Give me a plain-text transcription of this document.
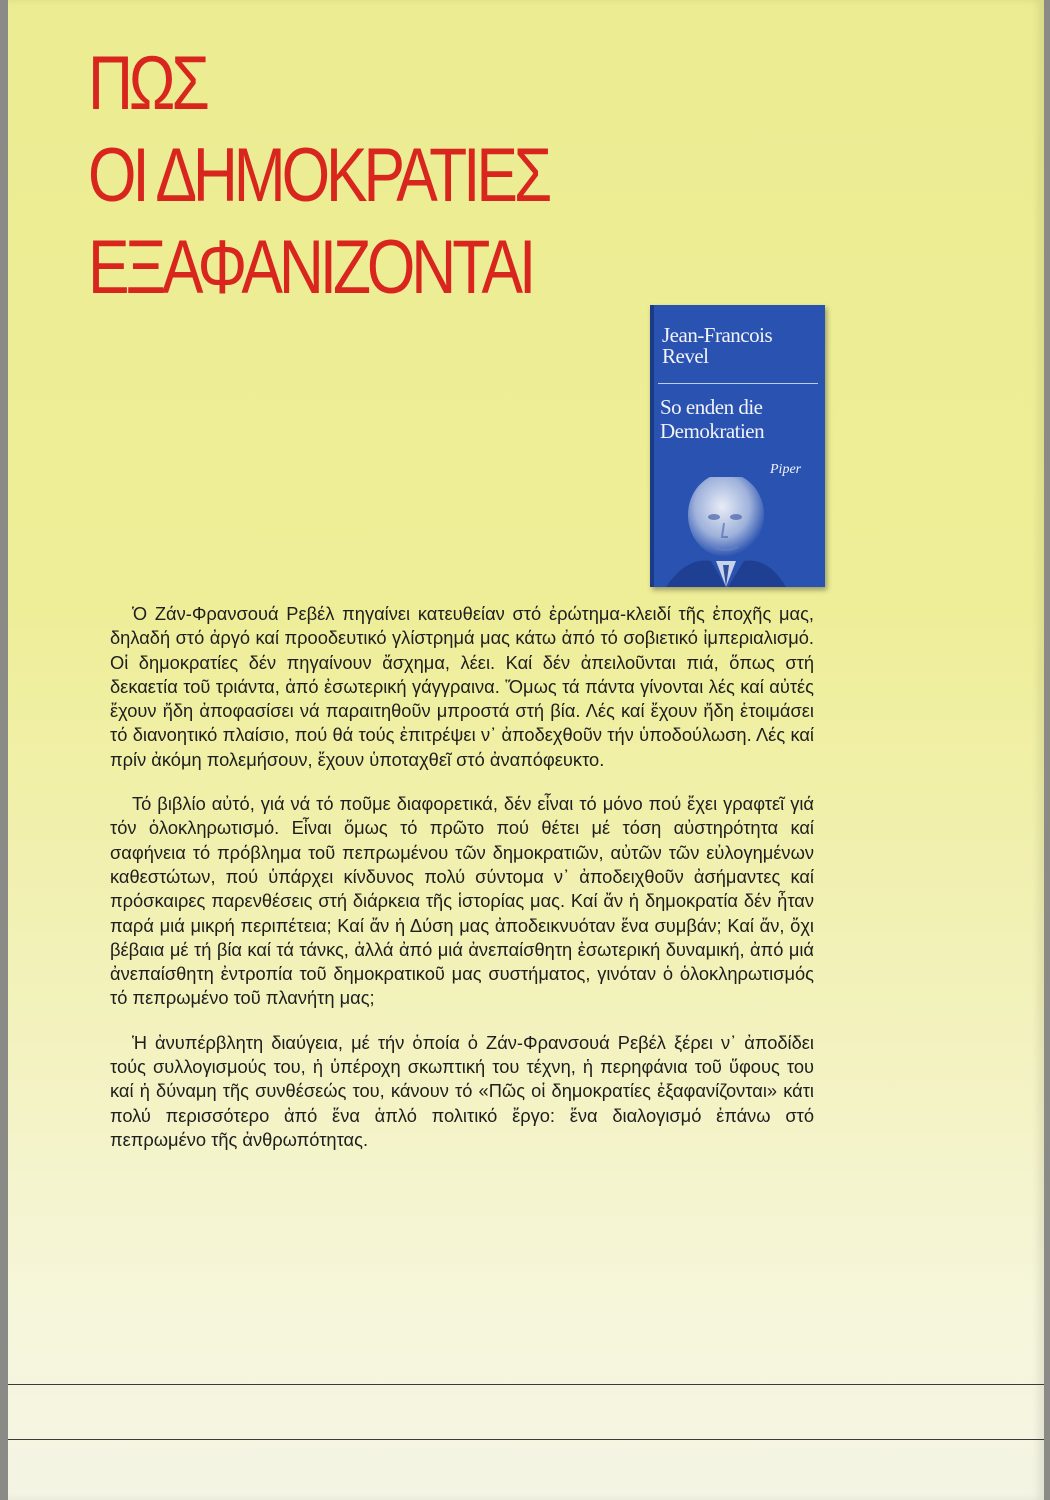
ΠΩΣ
ΟΙ ΔΗΜΟΚΡΑΤΙΕΣ
ΕΞΑΦΑΝΙΖΟΝΤΑΙ
Jean-Francois Revel
So enden die Demokratien
Piper

Ὁ Ζάν-Φρανσουά Ρεβέλ πηγαίνει κατευθείαν στό ἐρώτημα-κλειδί τῆς ἐποχῆς μας, δηλαδή στό ἀργό καί προοδευτικό γλίστρημά μας κάτω ἀπό τό σοβιετικό ἰμπεριαλισμό. Οἱ δημοκρατίες δέν πηγαίνουν ἄσχημα, λέει. Καί δέν ἀπειλοῦνται πιά, ὅπως στή δεκαετία τοῦ τριάντα, ἀπό ἐσωτερική γάγγραινα. Ὅμως τά πάντα γίνονται λές καί αὐτές ἔχουν ἤδη ἀποφασίσει νά παραιτηθοῦν μπροστά στή βία. Λές καί ἔχουν ἤδη ἑτοιμάσει τό διανοητικό πλαίσιο, πού θά τούς ἐπιτρέψει ν᾽ ἀποδεχθοῦν τήν ὑποδούλωση. Λές καί πρίν ἀκόμη πολεμήσουν, ἔχουν ὑποταχθεῖ στό ἀναπόφευκτο.

Τό βιβλίο αὐτό, γιά νά τό ποῦμε διαφορετικά, δέν εἶναι τό μόνο πού ἔχει γραφτεῖ γιά τόν ὁλοκληρωτισμό. Εἶναι ὅμως τό πρῶτο πού θέτει μέ τόση αὐστηρότητα καί σαφήνεια τό πρόβλημα τοῦ πεπρωμένου τῶν δημοκρατιῶν, αὐτῶν τῶν εὐλογημένων καθεστώτων, πού ὑπάρχει κίνδυνος πολύ σύντομα ν᾽ ἀποδειχθοῦν ἀσήμαντες καί πρόσκαιρες παρενθέσεις στή διάρκεια τῆς ἱστορίας μας. Καί ἄν ἡ δημοκρατία δέν ἦταν παρά μιά μικρή περιπέτεια; Καί ἄν ἡ Δύση μας ἀποδεικνυόταν ἕνα συμβάν; Καί ἄν, ὄχι βέβαια μέ τή βία καί τά τάνκς, ἀλλά ἀπό μιά ἀνεπαίσθητη ἐσωτερική δυναμική, ἀπό μιά ἀνεπαίσθητη ἐντροπία τοῦ δημοκρατικοῦ μας συστήματος, γινόταν ὁ ὁλοκληρωτισμός τό πεπρωμένο τοῦ πλανήτη μας;

Ἡ ἀνυπέρβλητη διαύγεια, μέ τήν ὁποία ὁ Ζάν-Φρανσουά Ρεβέλ ξέρει ν᾽ ἀποδίδει τούς συλλογισμούς του, ἡ ὑπέροχη σκωπτική του τέχνη, ἡ περηφάνια τοῦ ὕφους του καί ἡ δύναμη τῆς συνθέσεώς του, κάνουν τό «Πῶς οἱ δημοκρατίες ἐξαφανίζονται» κάτι πολύ περισσότερο ἀπό ἕνα ἁπλό πολιτικό ἔργο: ἕνα διαλογισμό ἐπάνω στό πεπρωμένο τῆς ἀνθρωπότητας.
